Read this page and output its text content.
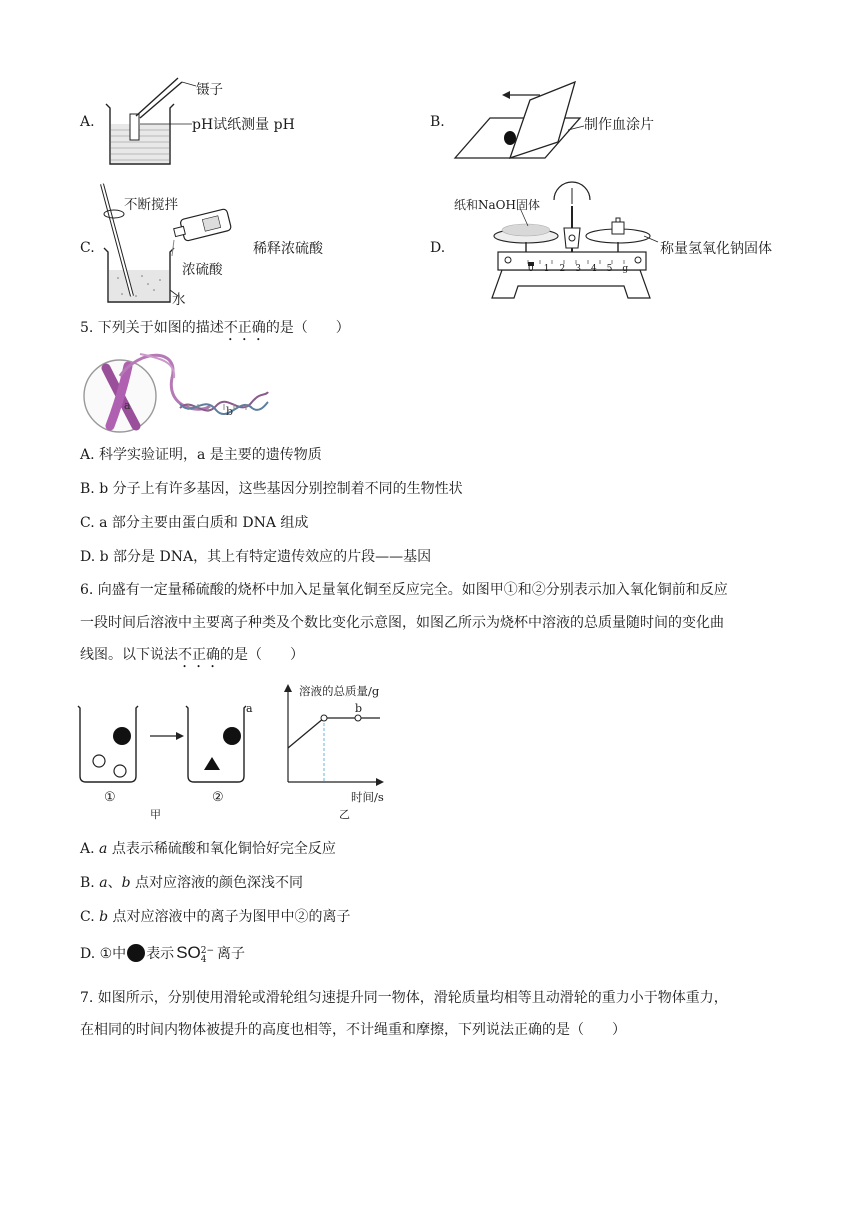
A.
镊子
pH试纸测量 pH	B.	制作血涂片
C.
不断搅拌
稀释浓硫酸
浓硫酸
水
D.
012345g
纸和NaOH固体
称量氢氧化钠固体
5. 下列关于如图的描述不正确的是（　　）
a	b
A. 科学实验证明，a 是主要的遗传物质
B. b 分子上有许多基因，这些基因分别控制着不同的生物性状
C. a 部分主要由蛋白质和 DNA 组成
D. b 部分是 DNA，其上有特定遗传效应的片段——基因
6. 向盛有一定量稀硫酸的烧杯中加入足量氧化铜至反应完全。如图甲①和②分别表示加入氧化铜前和反应
一段时间后溶液中主要离子种类及个数比变化示意图，如图乙所示为烧杯中溶液的总质量随时间的变化曲
线图。以下说法不正确的是（　　）
a	b
溶液的总质量/g
时间/s
①	②
甲	乙
A. a 点表示稀硫酸和氧化铜恰好完全反应
B. a、b 点对应溶液的颜色深浅不同
C. b 点对应溶液中的离子为图甲中②的离子
D. ①中 表示 SO 2−
4 离子
7. 如图所示，分别使用滑轮或滑轮组匀速提升同一物体，滑轮质量均相等且动滑轮的重力小于物体重力，
在相同的时间内物体被提升的高度也相等，不计绳重和摩擦，下列说法正确的是（　　）
